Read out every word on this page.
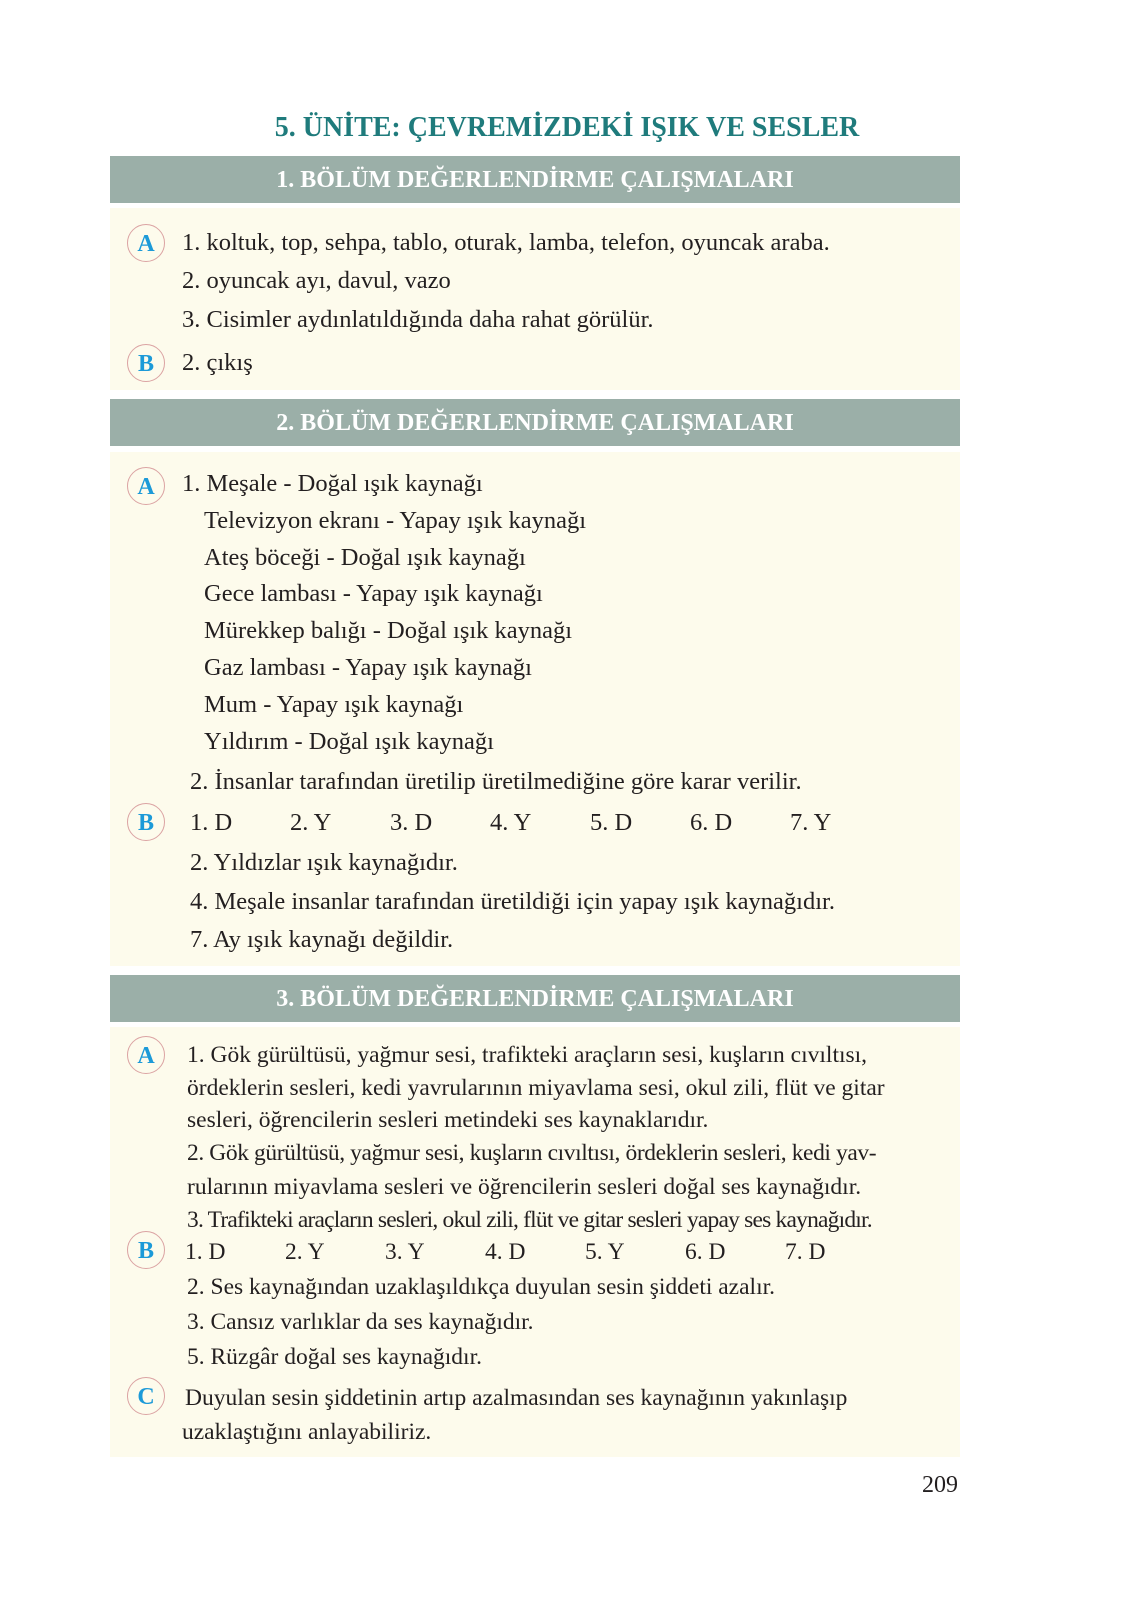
5. ÜNİTE: ÇEVREMİZDEKİ IŞIK VE SESLER
1. BÖLÜM DEĞERLENDİRME ÇALIŞMALARI
A	1. koltuk, top, sehpa, tablo, oturak, lamba, telefon, oyuncak araba.
2. oyuncak ayı, davul, vazo
3. Cisimler aydınlatıldığında daha rahat görülür.
B	2. çıkış
2. BÖLÜM DEĞERLENDİRME ÇALIŞMALARI
A	1. Meşale - Doğal ışık kaynağı
Televizyon ekranı - Yapay ışık kaynağı
Ateş böceği - Doğal ışık kaynağı
Gece lambası - Yapay ışık kaynağı
Mürekkep balığı - Doğal ışık kaynağı
Gaz lambası - Yapay ışık kaynağı
Mum - Yapay ışık kaynağı
Yıldırım - Doğal ışık kaynağı
2. İnsanlar tarafından üretilip üretilmediğine göre karar verilir.
B	1. D 2. Y 3. D 4. Y 5. D 6. D 7. Y
2. Yıldızlar ışık kaynağıdır.
4. Meşale insanlar tarafından üretildiği için yapay ışık kaynağıdır.
7. Ay ışık kaynağı değildir.
3. BÖLÜM DEĞERLENDİRME ÇALIŞMALARI
A	1. Gök gürültüsü, yağmur sesi, trafikteki araçların sesi, kuşların cıvıltısı,
ördeklerin sesleri, kedi yavrularının miyavlama sesi, okul zili, flüt ve gitar
sesleri, öğrencilerin sesleri metindeki ses kaynaklarıdır.
2. Gök gürültüsü, yağmur sesi, kuşların cıvıltısı, ördeklerin sesleri, kedi yav-
rularının miyavlama sesleri ve öğrencilerin sesleri doğal ses kaynağıdır.
3. Trafikteki araçların sesleri, okul zili, flüt ve gitar sesleri yapay ses kaynağıdır.
B	1. D	2. Y	3. Y	4. D	5. Y	6. D	7. D
2. Ses kaynağından uzaklaşıldıkça duyulan sesin şiddeti azalır.
3. Cansız varlıklar da ses kaynağıdır.
5. Rüzgâr doğal ses kaynağıdır.
C	Duyulan sesin şiddetinin artıp azalmasından ses kaynağının yakınlaşıp
uzaklaştığını anlayabiliriz.
209
